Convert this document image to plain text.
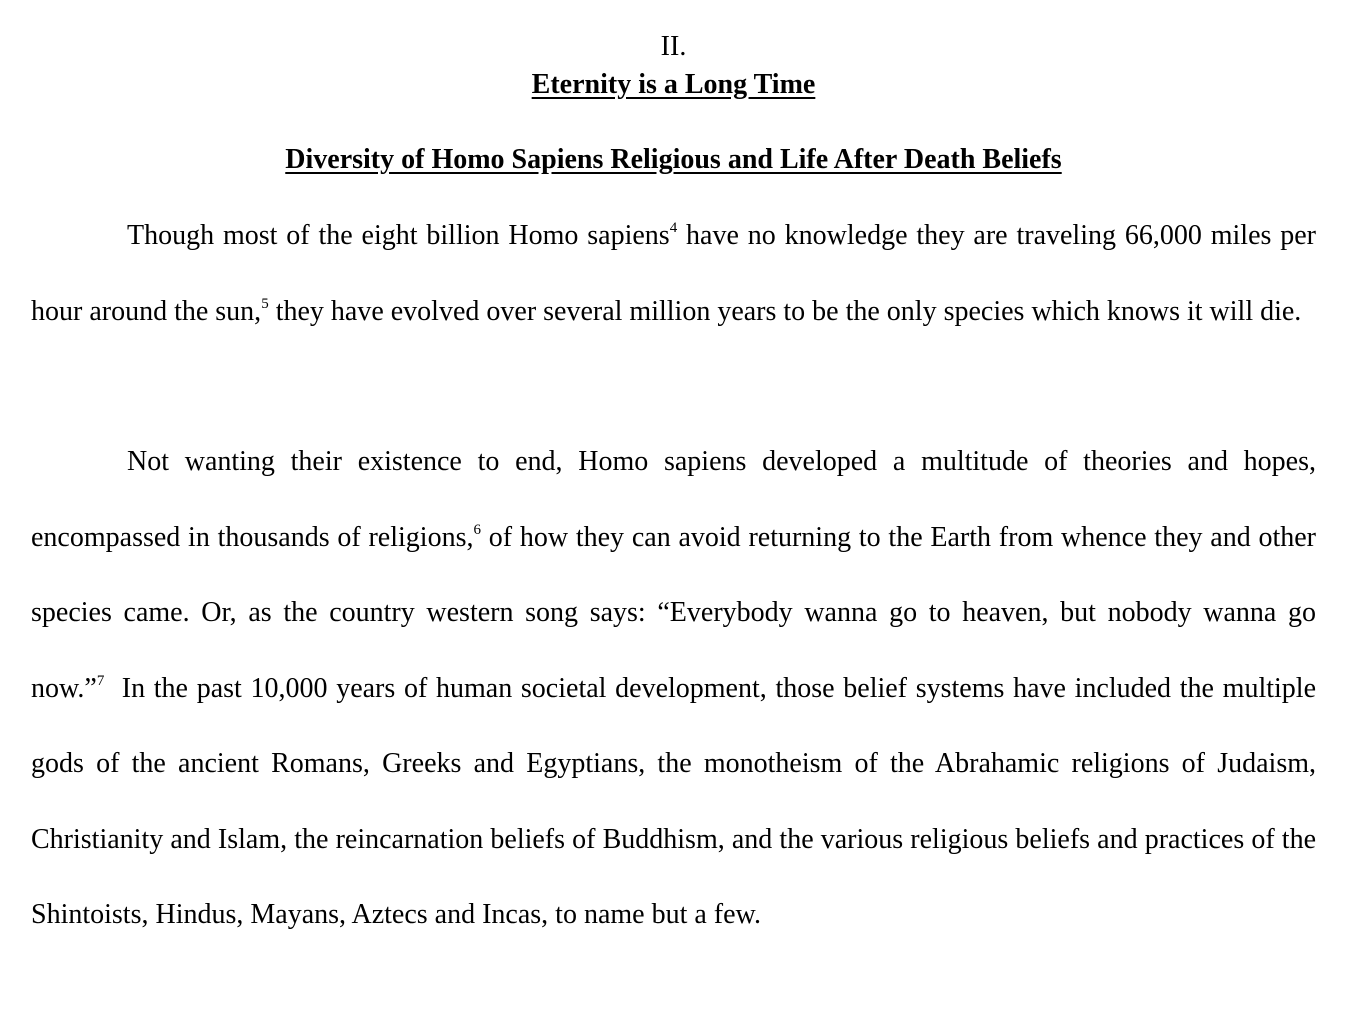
II.
Eternity is a Long Time
Diversity of Homo Sapiens Religious and Life After Death Beliefs

Though most of the eight billion Homo sapiens$^4$ have no knowledge they are traveling 66,000 miles per hour around the sun,$^5$ they have evolved over several million years to be the only species which knows it will die.

Not wanting their existence to end, Homo sapiens developed a multitude of theories and hopes, encompassed in thousands of religions,$^6$ of how they can avoid returning to the Earth from whence they and other species came. Or, as the country western song says: “Everybody wanna go to heaven, but nobody wanna go now.”$^7$  In the past 10,000 years of human societal development, those belief systems have included the multiple gods of the ancient Romans, Greeks and Egyptians, the monotheism of the Abrahamic religions of Judaism, Christianity and Islam, the reincarnation beliefs of Buddhism, and the various religious beliefs and practices of the Shintoists, Hindus, Mayans, Aztecs and Incas, to name but a few.
